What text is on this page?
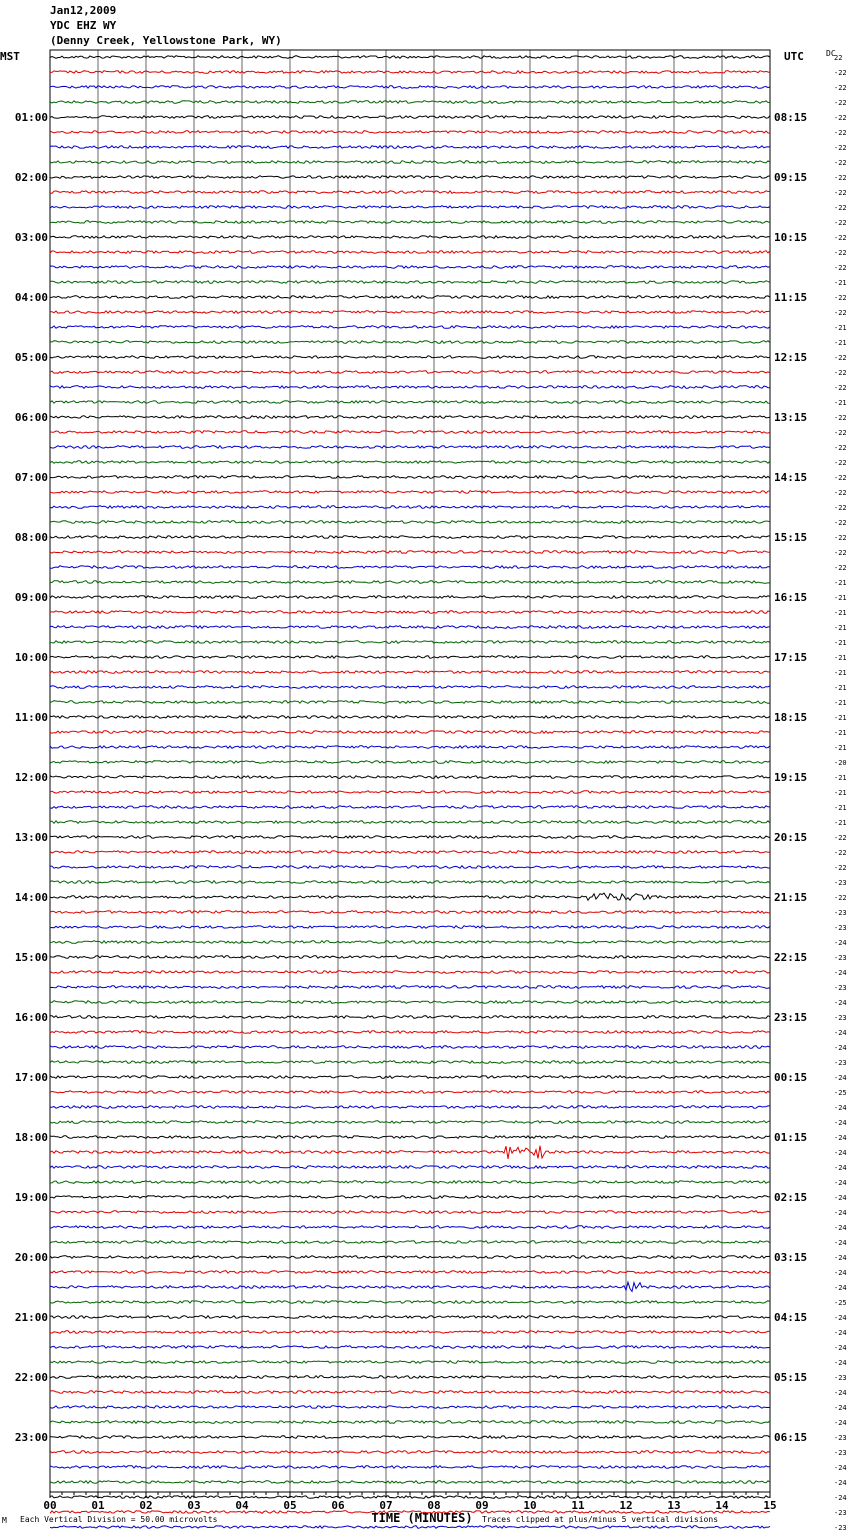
Jan12,2009
YDC EHZ WY
(Denny Creek, Yellowstone Park, WY)
MST	UTC	DC
00	01	02	03	04	05	06	07	08	09	10	11	12	13	14	15
22
-22
-22
-22
-22
-22
-22
-22
-22
-22
-22
-22
-22
-22
-22
-21
-22
-22
-21
-21
-22
-22
-22
-21
-22
-22
-22
-22
-22
-22
-22
-22
-22
-22
-22
-21
-21
-21
-21
-21
-21
-21
-21
-21
-21
-21
-21
-20
-21
-21
-21
-21
-22
-22
-22
-23
-22
-23
-23
-24
-23
-24
-23
-24
-23
-24
-24
-23
-24
-25
-24
-24
-24
-24
-24
-24
-24
-24
-24
-24
-24
-24
-24
-25
-24
-24
-24
-24
-23
-24
-24
-24
-23
-23
-24
-24
-24
-23
-23
01:00	08:15
02:00	09:15
03:00	10:15
04:00	11:15
05:00	12:15
06:00	13:15
07:00	14:15
08:00	15:15
09:00	16:15
10:00	17:15
11:00	18:15
12:00	19:15
13:00	20:15
14:00	21:15
15:00	22:15
16:00	23:15
17:00	00:15
18:00	01:15
19:00	02:15
20:00	03:15
21:00	04:15
22:00	05:15
23:00	06:15
TIME (MINUTES)
M Each Vertical Division = 50.00 microvolts	Traces clipped at plus/minus 5 vertical divisions
